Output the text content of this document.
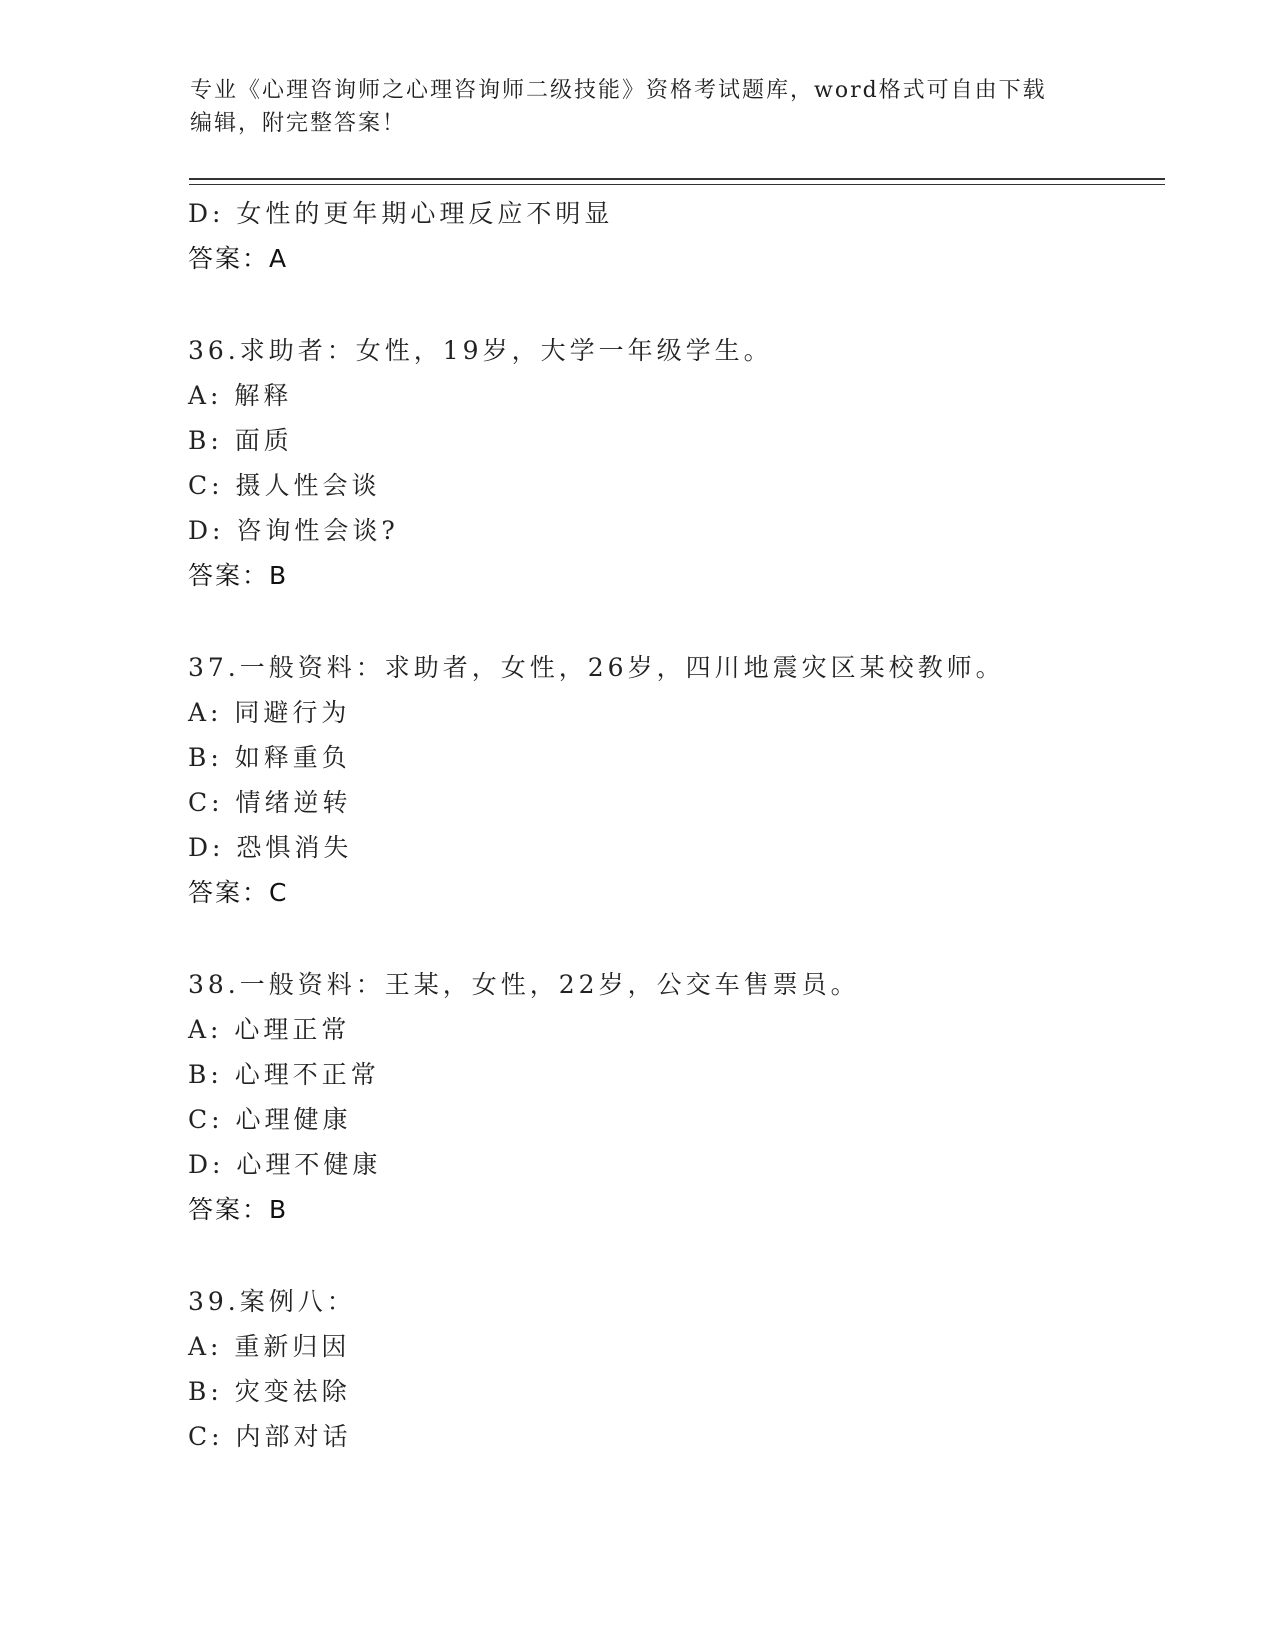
专业《心理咨询师之心理咨询师二级技能》资格考试题库，word格式可自由下载
编辑，附完整答案！
D: 女性的更年期心理反应不明显
答案：A
36.求助者：女性，19岁，大学一年级学生。
A: 解释
B: 面质
C: 摄人性会谈
D: 咨询性会谈?
答案：B
37.一般资料：求助者，女性，26岁，四川地震灾区某校教师。
A: 同避行为
B: 如释重负
C: 情绪逆转
D: 恐惧消失
答案：C
38.一般资料：王某，女性，22岁，公交车售票员。
A: 心理正常
B: 心理不正常
C: 心理健康
D: 心理不健康
答案：B
39.案例八：
A: 重新归因
B: 灾变祛除
C: 内部对话
